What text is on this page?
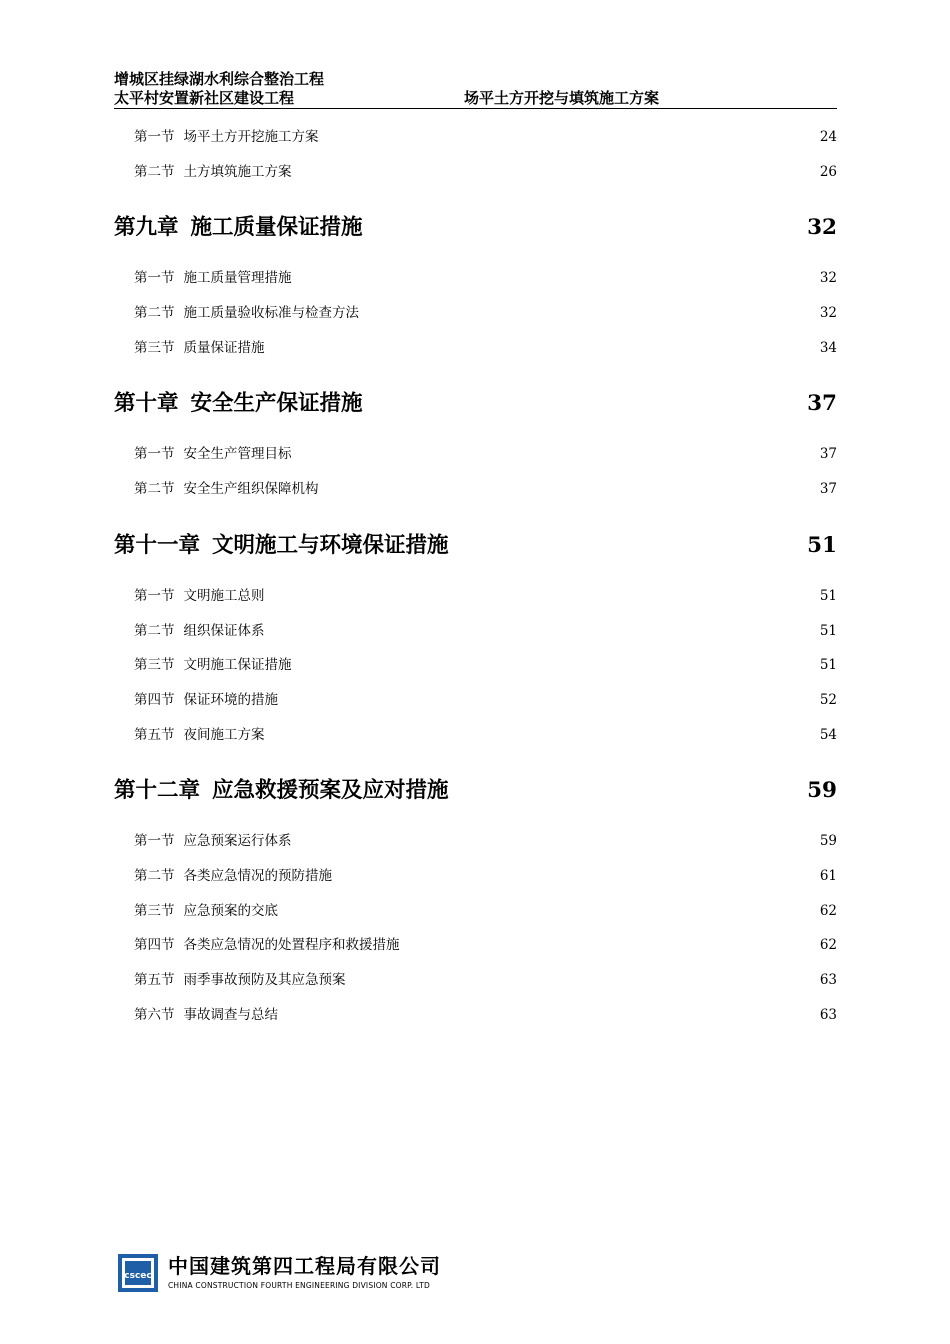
增城区挂绿湖水利综合整治工程
太平村安置新社区建设工程	场平土方开挖与填筑施工方案
第一节 场平土方开挖施工方案 .....	24
第二节 土方填筑施工方案 .....	26
第九章 施工质量保证措施 .....	32
第一节 施工质量管理措施 .....	32
第二节 施工质量验收标准与检查方法 .....	32
第三节 质量保证措施 .....	34
第十章 安全生产保证措施 .....	37
第一节 安全生产管理目标 .....	37
第二节 安全生产组织保障机构 .....	37
第十一章 文明施工与环境保证措施 .....	51
第一节 文明施工总则 .....	51
第二节 组织保证体系 .....	51
第三节 文明施工保证措施 .....	51
第四节 保证环境的措施 .....	52
第五节 夜间施工方案 .....	54
第十二章 应急救援预案及应对措施 .....	59
第一节 应急预案运行体系 .....	59
第二节 各类应急情况的预防措施 .....	61
第三节 应急预案的交底 .....	62
第四节 各类应急情况的处置程序和救援措施 .....	62
第五节 雨季事故预防及其应急预案 .....	63
第六节 事故调查与总结 .....	63
cscec 中国建筑第四工程局有限公司
CHINA CONSTRUCTION FOURTH ENGINEERING DIVISION CORP. LTD
